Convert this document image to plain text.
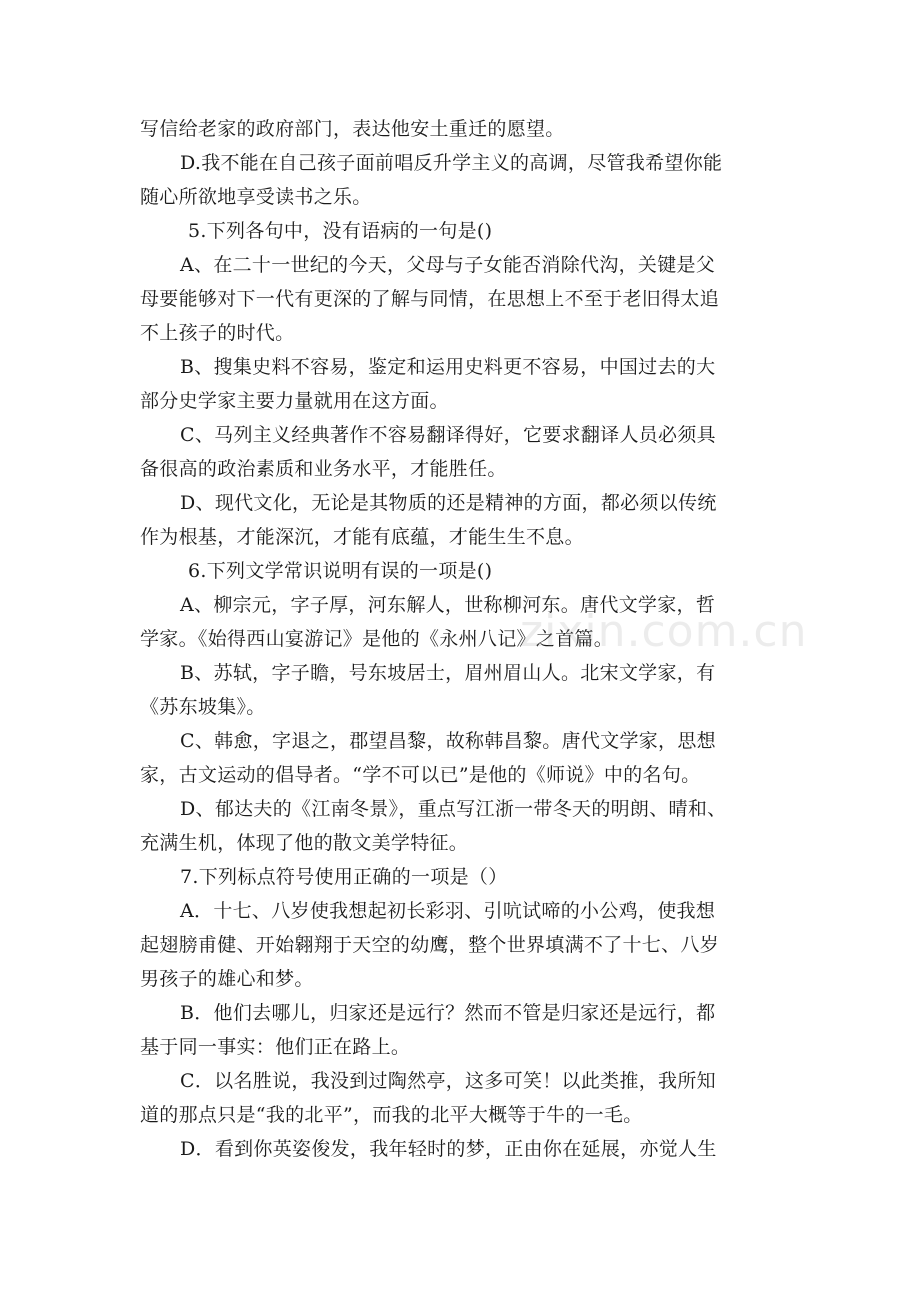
写信给老家的政府部门，表达他安土重迁的愿望。
D.我不能在自己孩子面前唱反升学主义的高调，尽管我希望你能
随心所欲地享受读书之乐。
5.下列各句中，没有语病的一句是()
A、在二十一世纪的今天，父母与子女能否消除代沟，关键是父
母要能够对下一代有更深的了解与同情，在思想上不至于老旧得太追
不上孩子的时代。
B、搜集史料不容易，鉴定和运用史料更不容易，中国过去的大
部分史学家主要力量就用在这方面。
C、马列主义经典著作不容易翻译得好，它要求翻译人员必须具
备很高的政治素质和业务水平，才能胜任。
D、现代文化，无论是其物质的还是精神的方面，都必须以传统
作为根基，才能深沉，才能有底蕴，才能生生不息。
6.下列文学常识说明有误的一项是()
A、柳宗元，字子厚，河东解人，世称柳河东。唐代文学家，哲
学家。《始得西山宴游记》是他的《永州八记》之首篇。
B、苏轼，字子瞻，号东坡居士，眉州眉山人。北宋文学家，有
《苏东坡集》。
C、韩愈，字退之，郡望昌黎，故称韩昌黎。唐代文学家，思想
家，古文运动的倡导者。“学不可以已”是他的《师说》中的名句。
D、郁达夫的《江南冬景》，重点写江浙一带冬天的明朗、晴和、
充满生机，体现了他的散文美学特征。
7.下列标点符号使用正确的一项是（）
A．十七、八岁使我想起初长彩羽、引吭试啼的小公鸡，使我想
起翅膀甫健、开始翱翔于天空的幼鹰，整个世界填满不了十七、八岁
男孩子的雄心和梦。
B．他们去哪儿，归家还是远行？然而不管是归家还是远行，都
基于同一事实：他们正在路上。
C．以名胜说，我没到过陶然亭，这多可笑！以此类推，我所知
道的那点只是“我的北平”，而我的北平大概等于牛的一毛。
D．看到你英姿俊发，我年轻时的梦，正由你在延展，亦觉人生
zixin.com.cn
